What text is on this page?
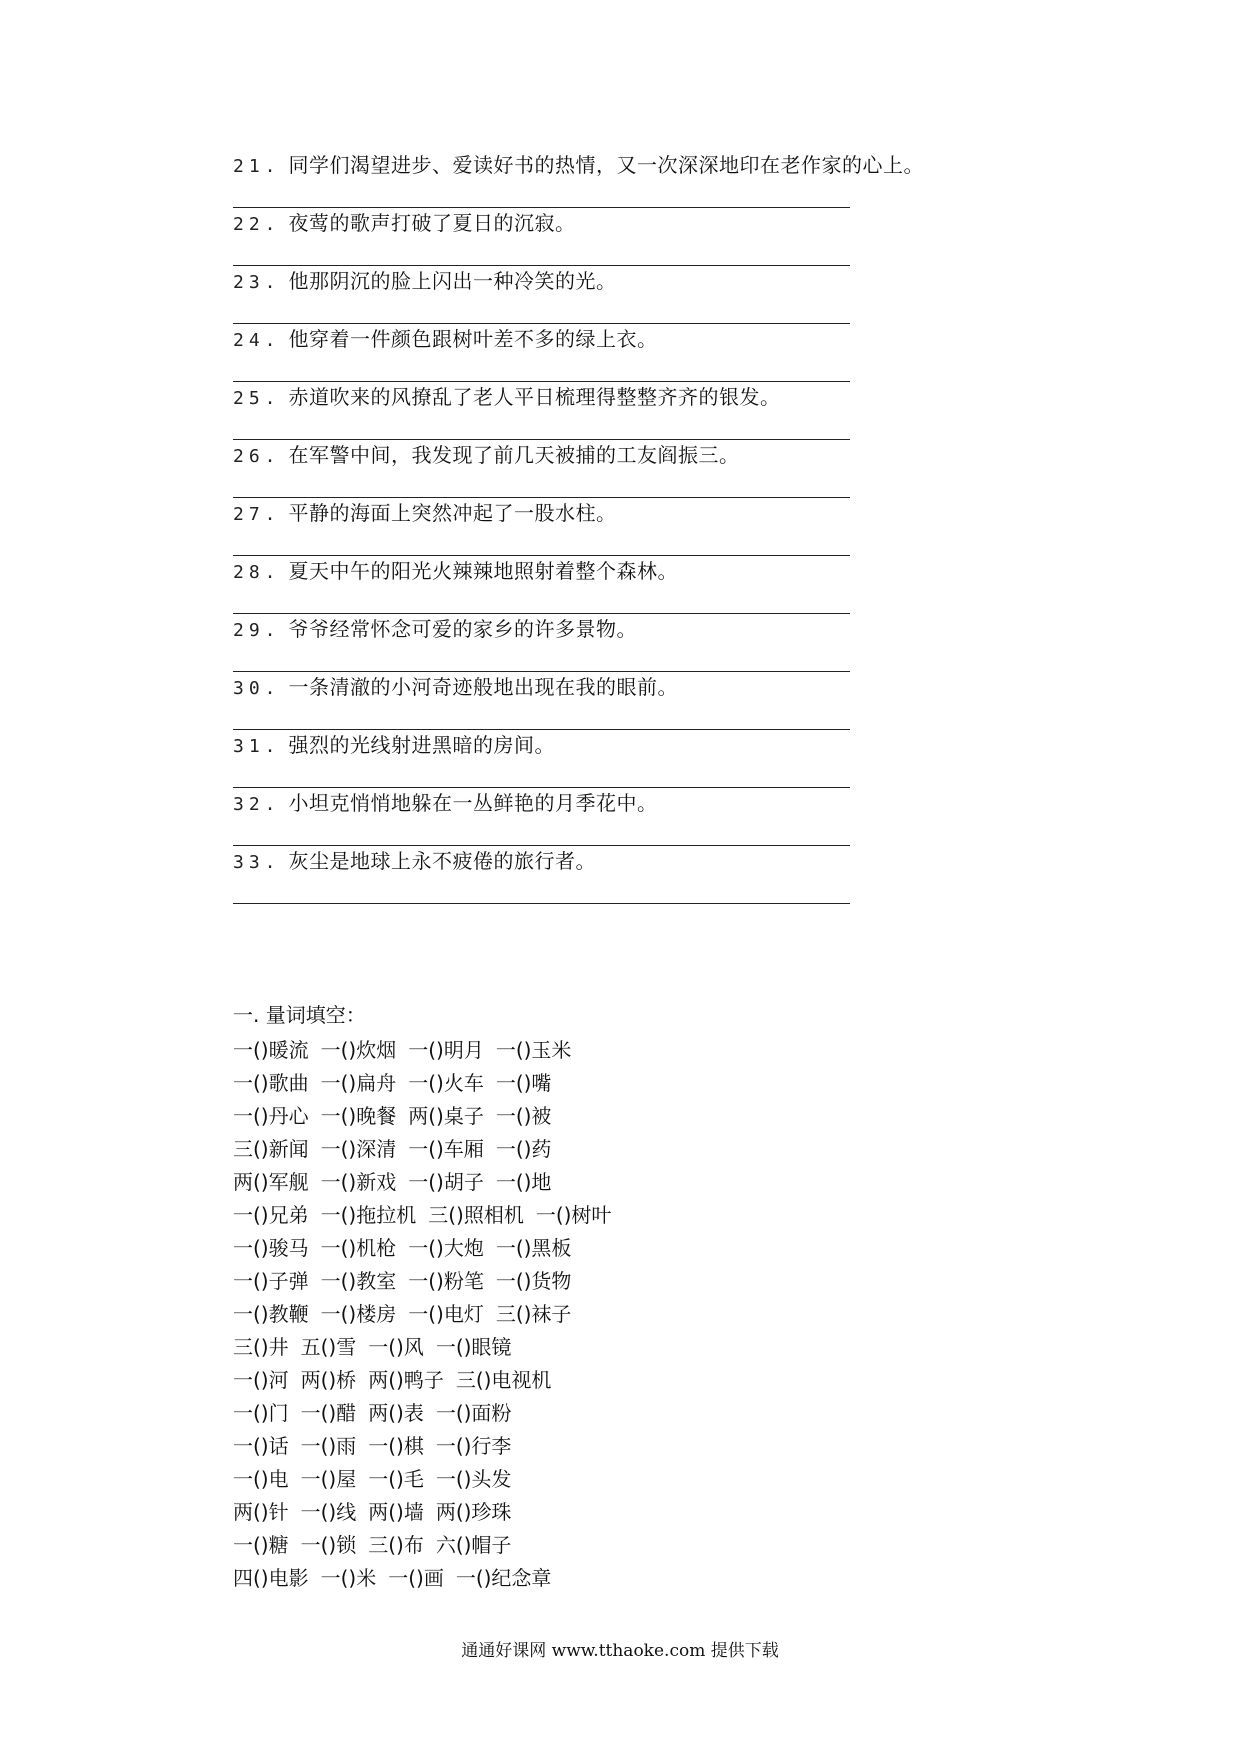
21. 同学们渴望进步、爱读好书的热情，又一次深深地印在老作家的心上。
22. 夜莺的歌声打破了夏日的沉寂。
23. 他那阴沉的脸上闪出一种冷笑的光。
24. 他穿着一件颜色跟树叶差不多的绿上衣。
25. 赤道吹来的风撩乱了老人平日梳理得整整齐齐的银发。
26. 在军警中间，我发现了前几天被捕的工友阎振三。
27. 平静的海面上突然冲起了一股水柱。
28. 夏天中午的阳光火辣辣地照射着整个森林。
29. 爷爷经常怀念可爱的家乡的许多景物。
30. 一条清澈的小河奇迹般地出现在我的眼前。
31. 强烈的光线射进黑暗的房间。
32. 小坦克悄悄地躲在一丛鲜艳的月季花中。
33. 灰尘是地球上永不疲倦的旅行者。
一. 量词填空：
一()暖流 一()炊烟 一()明月 一()玉米
一()歌曲 一()扁舟 一()火车 一()嘴
一()丹心 一()晚餐 两()桌子 一()被
三()新闻 一()深清 一()车厢 一()药
两()军舰 一()新戏 一()胡子 一()地
一()兄弟 一()拖拉机 三()照相机 一()树叶
一()骏马 一()机枪 一()大炮 一()黑板
一()子弹 一()教室 一()粉笔 一()货物
一()教鞭 一()楼房 一()电灯 三()袜子
三()井 五()雪 一()风 一()眼镜
一()河 两()桥 两()鸭子 三()电视机
一()门 一()醋 两()表 一()面粉
一()话 一()雨 一()棋 一()行李
一()电 一()屋 一()毛 一()头发
两()针 一()线 两()墙 两()珍珠
一()糖 一()锁 三()布 六()帽子
四()电影 一()米 一()画 一()纪念章
通通好课网 www.tthaoke.com 提供下载
